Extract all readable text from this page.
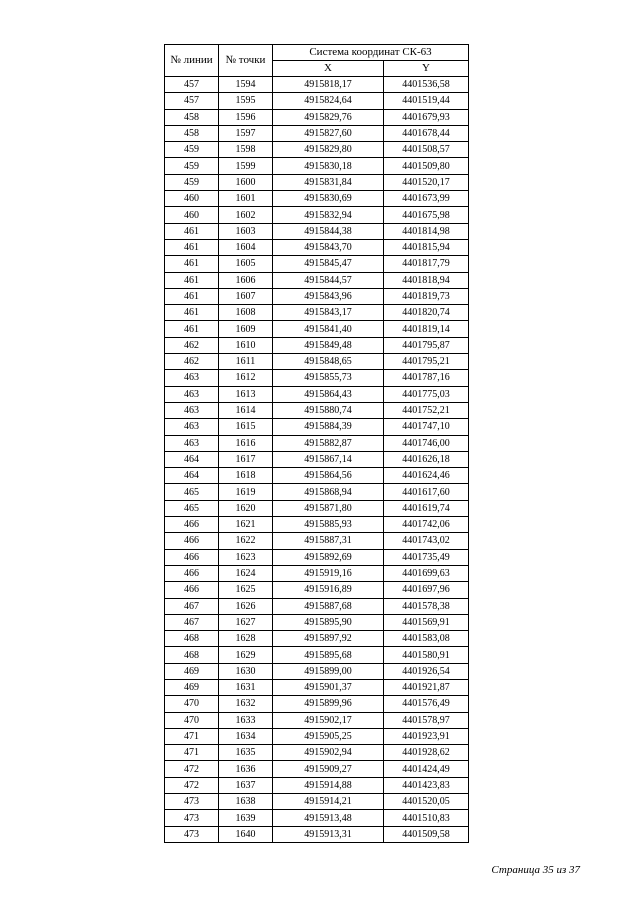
№ линии	№ точки	Система координат СК-63	
		X	Y
457	1594	4915818,17	4401536,58
457	1595	4915824,64	4401519,44
458	1596	4915829,76	4401679,93
458	1597	4915827,60	4401678,44
459	1598	4915829,80	4401508,57
459	1599	4915830,18	4401509,80
459	1600	4915831,84	4401520,17
460	1601	4915830,69	4401673,99
460	1602	4915832,94	4401675,98
461	1603	4915844,38	4401814,98
461	1604	4915843,70	4401815,94
461	1605	4915845,47	4401817,79
461	1606	4915844,57	4401818,94
461	1607	4915843,96	4401819,73
461	1608	4915843,17	4401820,74
461	1609	4915841,40	4401819,14
462	1610	4915849,48	4401795,87
462	1611	4915848,65	4401795,21
463	1612	4915855,73	4401787,16
463	1613	4915864,43	4401775,03
463	1614	4915880,74	4401752,21
463	1615	4915884,39	4401747,10
463	1616	4915882,87	4401746,00
464	1617	4915867,14	4401626,18
464	1618	4915864,56	4401624,46
465	1619	4915868,94	4401617,60
465	1620	4915871,80	4401619,74
466	1621	4915885,93	4401742,06
466	1622	4915887,31	4401743,02
466	1623	4915892,69	4401735,49
466	1624	4915919,16	4401699,63
466	1625	4915916,89	4401697,96
467	1626	4915887,68	4401578,38
467	1627	4915895,90	4401569,91
468	1628	4915897,92	4401583,08
468	1629	4915895,68	4401580,91
469	1630	4915899,00	4401926,54
469	1631	4915901,37	4401921,87
470	1632	4915899,96	4401576,49
470	1633	4915902,17	4401578,97
471	1634	4915905,25	4401923,91
471	1635	4915902,94	4401928,62
472	1636	4915909,27	4401424,49
472	1637	4915914,88	4401423,83
473	1638	4915914,21	4401520,05
473	1639	4915913,48	4401510,83
473	1640	4915913,31	4401509,58
Страница 35 из 37
